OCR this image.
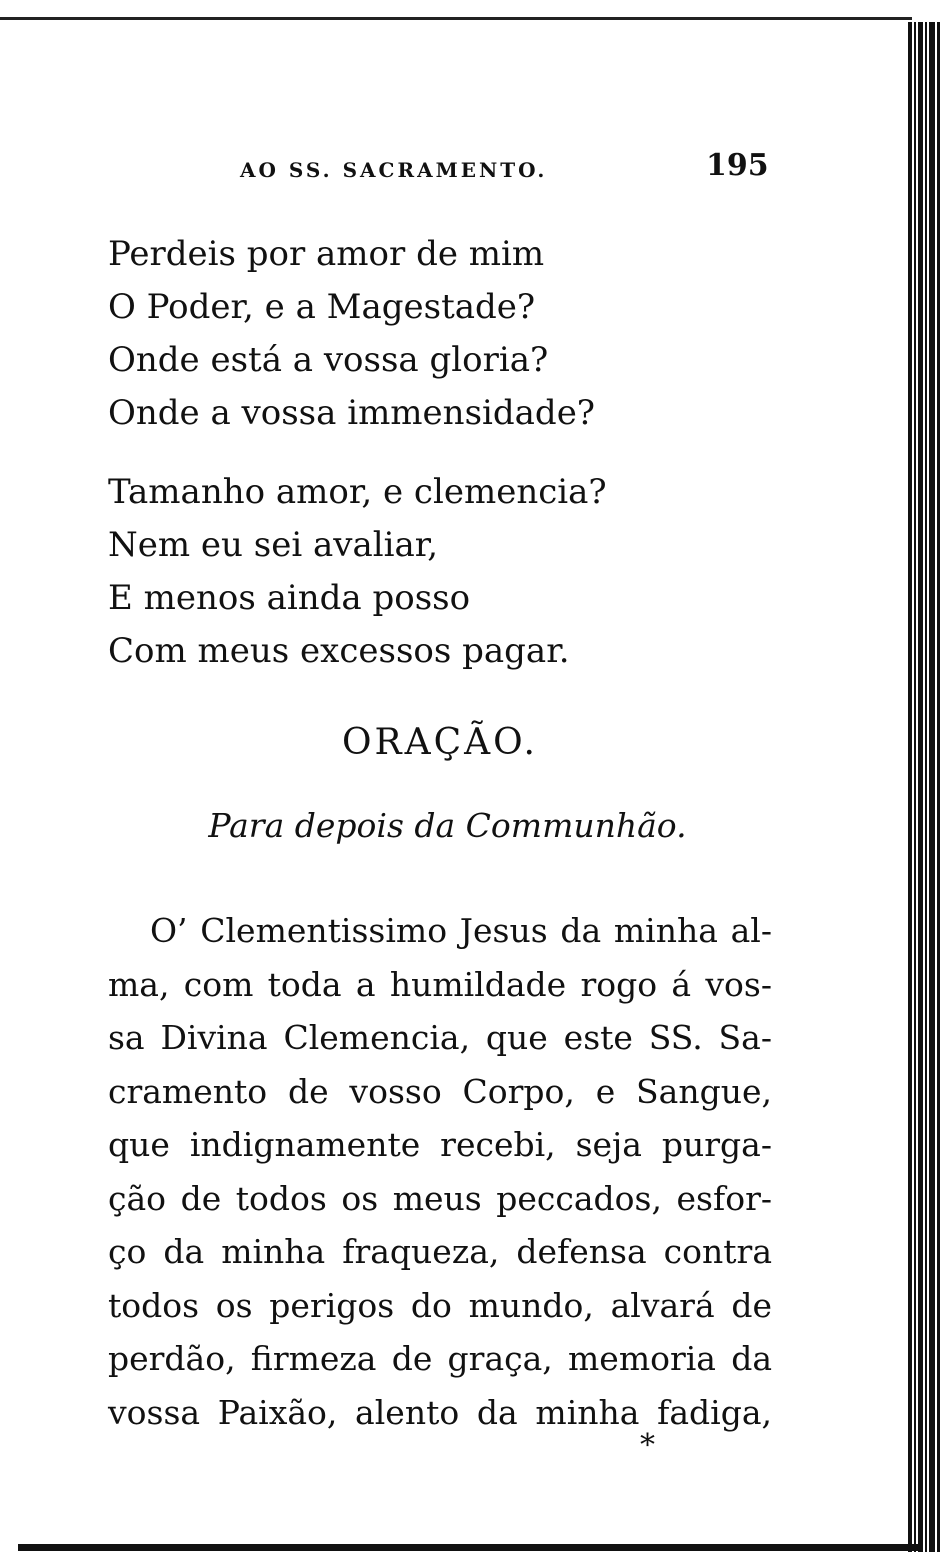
AO SS. SACRAMENTO.	195
Perdeis por amor de mim
O Poder, e a Magestade?
Onde está a vossa gloria?
Onde a vossa immensidade?
Tamanho amor, e clemencia?
Nem eu sei avaliar,
E menos ainda posso
Com meus excessos pagar.
ORAÇÃO.
Para depois da Communhão.
O’ Clementissimo Jesus da minha al-
ma, com toda a humildade rogo á vos-
sa Divina Clemencia, que este SS. Sa-
cramento de vosso Corpo, e Sangue,
que indignamente recebi, seja purga-
ção de todos os meus peccados, esfor-
ço da minha fraqueza, defensa contra
todos os perigos do mundo, alvará de
perdão, firmeza de graça, memoria da
vossa Paixão, alento da minha fadiga,
*
